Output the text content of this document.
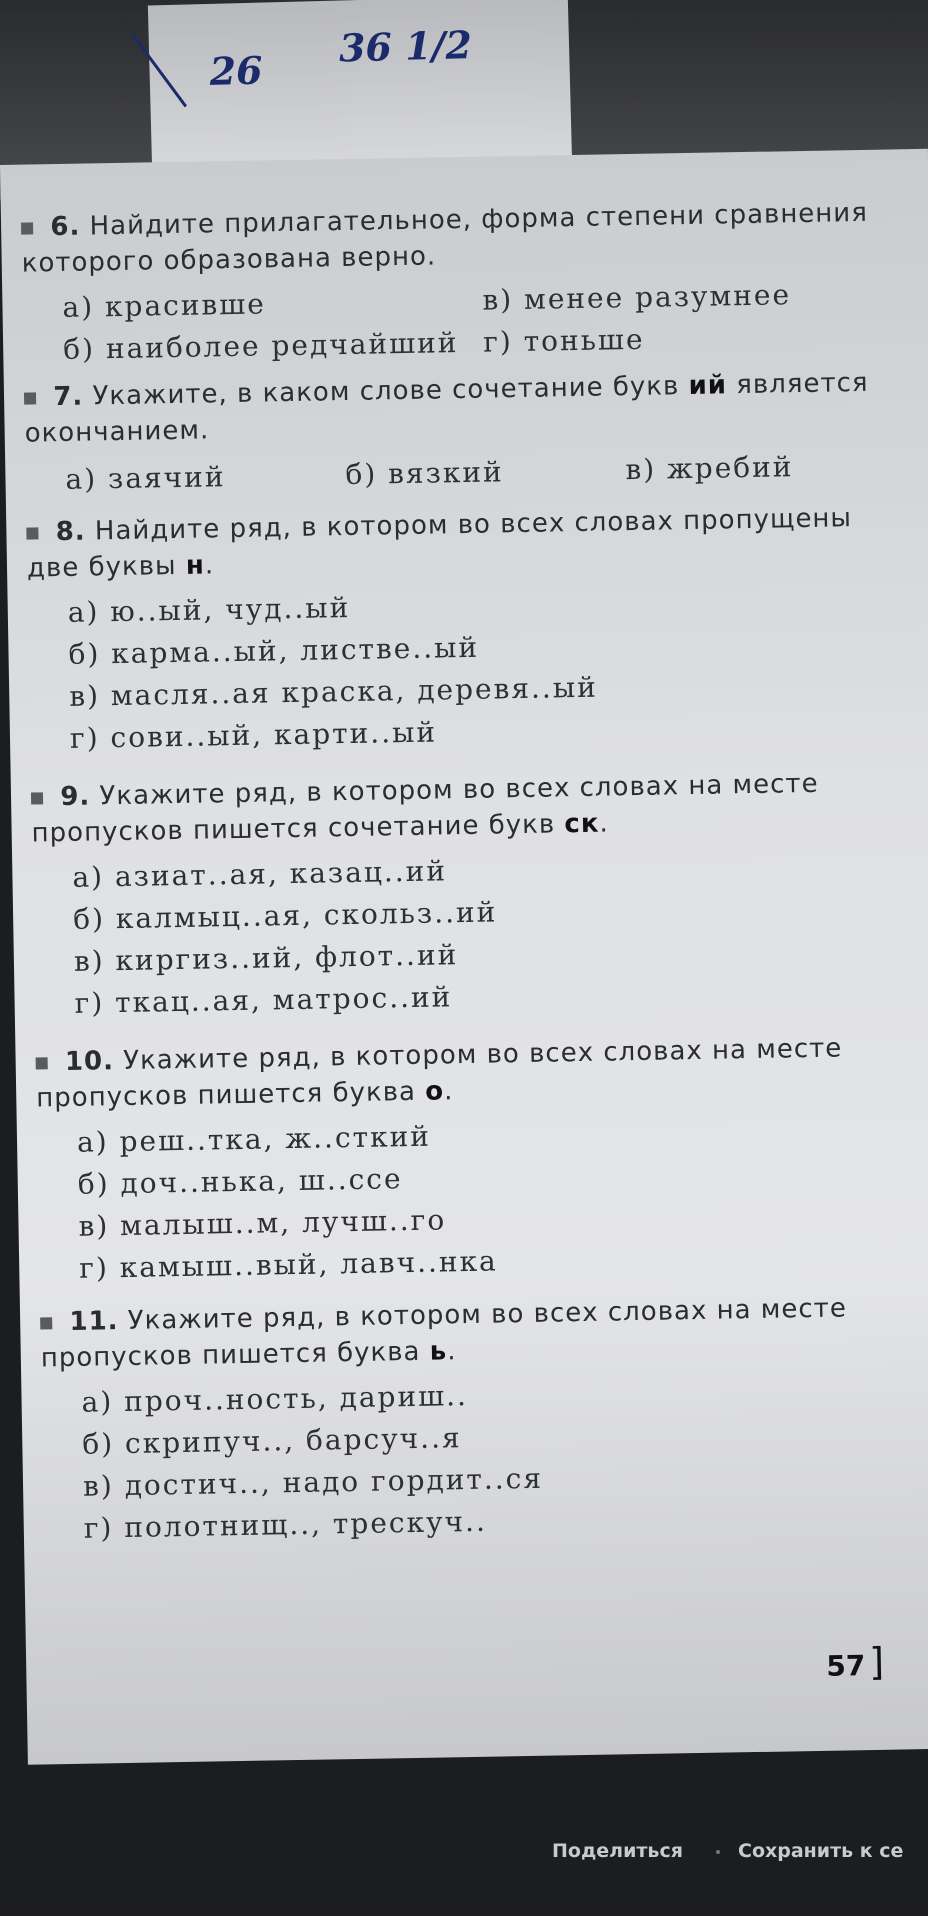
26
36 1/2

6. Найдите прилагательное, форма степени сравнения которого образована верно.

а) красивше	в) менее разумнее
б) наиболее редчайший г) тоньше

7. Укажите, в каком слове сочетание букв ий является окончанием.

а) заячий	б) вязкий	в) жребий

8. Найдите ряд, в котором во всех словах пропущены две буквы н.

а) ю..ый, чуд..ый
б) карма..ый, листве..ый
в) масля..ая краска, деревя..ый
г) сови..ый, карти..ый

9. Укажите ряд, в котором во всех словах на месте пропусков пишется сочетание букв ск.

а) азиат..ая, казац..ий
б) калмыц..ая, скольз..ий
в) киргиз..ий, флот..ий
г) ткац..ая, матрос..ий

10. Укажите ряд, в котором во всех словах на месте пропусков пишется буква о.

а) реш..тка, ж..сткий
б) доч..нька, ш..ссе
в) малыш..м, лучш..го
г) камыш..вый, лавч..нка

11. Укажите ряд, в котором во всех словах на месте пропусков пишется буква ь.

а) проч..ность, дариш..
б) скрипуч.., барсуч..я
в) достич.., надо гордит..ся
г) полотнищ.., трескуч..
57]
Поделиться	Сохранить к се
